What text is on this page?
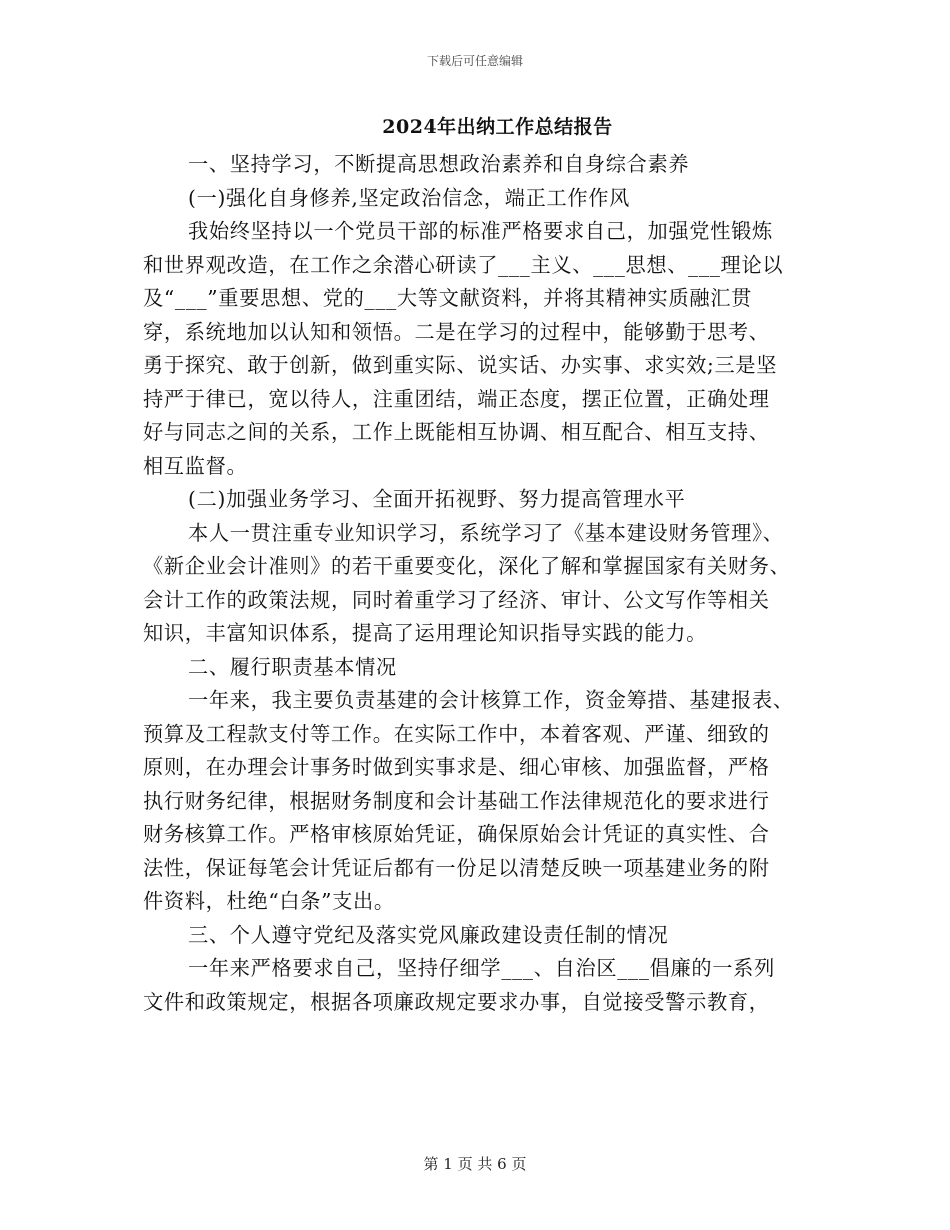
下载后可任意编辑
2024年出纳工作总结报告
一、坚持学习，不断提高思想政治素养和自身综合素养
(一)强化自身修养,坚定政治信念，端正工作作风
我始终坚持以一个党员干部的标准严格要求自己，加强党性锻炼
和世界观改造，在工作之余潜心研读了___主义、___思想、___理论以
及“___”重要思想、党的___大等文献资料，并将其精神实质融汇贯
穿，系统地加以认知和领悟。二是在学习的过程中，能够勤于思考、
勇于探究、敢于创新，做到重实际、说实话、办实事、求实效;三是坚
持严于律已，宽以待人，注重团结，端正态度，摆正位置，正确处理
好与同志之间的关系，工作上既能相互协调、相互配合、相互支持、
相互监督。
(二)加强业务学习、全面开拓视野、努力提高管理水平
本人一贯注重专业知识学习，系统学习了《基本建设财务管理》、
《新企业会计准则》的若干重要变化，深化了解和掌握国家有关财务、
会计工作的政策法规，同时着重学习了经济、审计、公文写作等相关
知识，丰富知识体系，提高了运用理论知识指导实践的能力。
二、履行职责基本情况
一年来，我主要负责基建的会计核算工作，资金筹措、基建报表、
预算及工程款支付等工作。在实际工作中，本着客观、严谨、细致的
原则，在办理会计事务时做到实事求是、细心审核、加强监督，严格
执行财务纪律，根据财务制度和会计基础工作法律规范化的要求进行
财务核算工作。严格审核原始凭证，确保原始会计凭证的真实性、合
法性，保证每笔会计凭证后都有一份足以清楚反映一项基建业务的附
件资料，杜绝“白条”支出。
三、个人遵守党纪及落实党风廉政建设责任制的情况
一年来严格要求自己，坚持仔细学___、自治区___倡廉的一系列
文件和政策规定，根据各项廉政规定要求办事，自觉接受警示教育，
第 1 页 共 6 页
